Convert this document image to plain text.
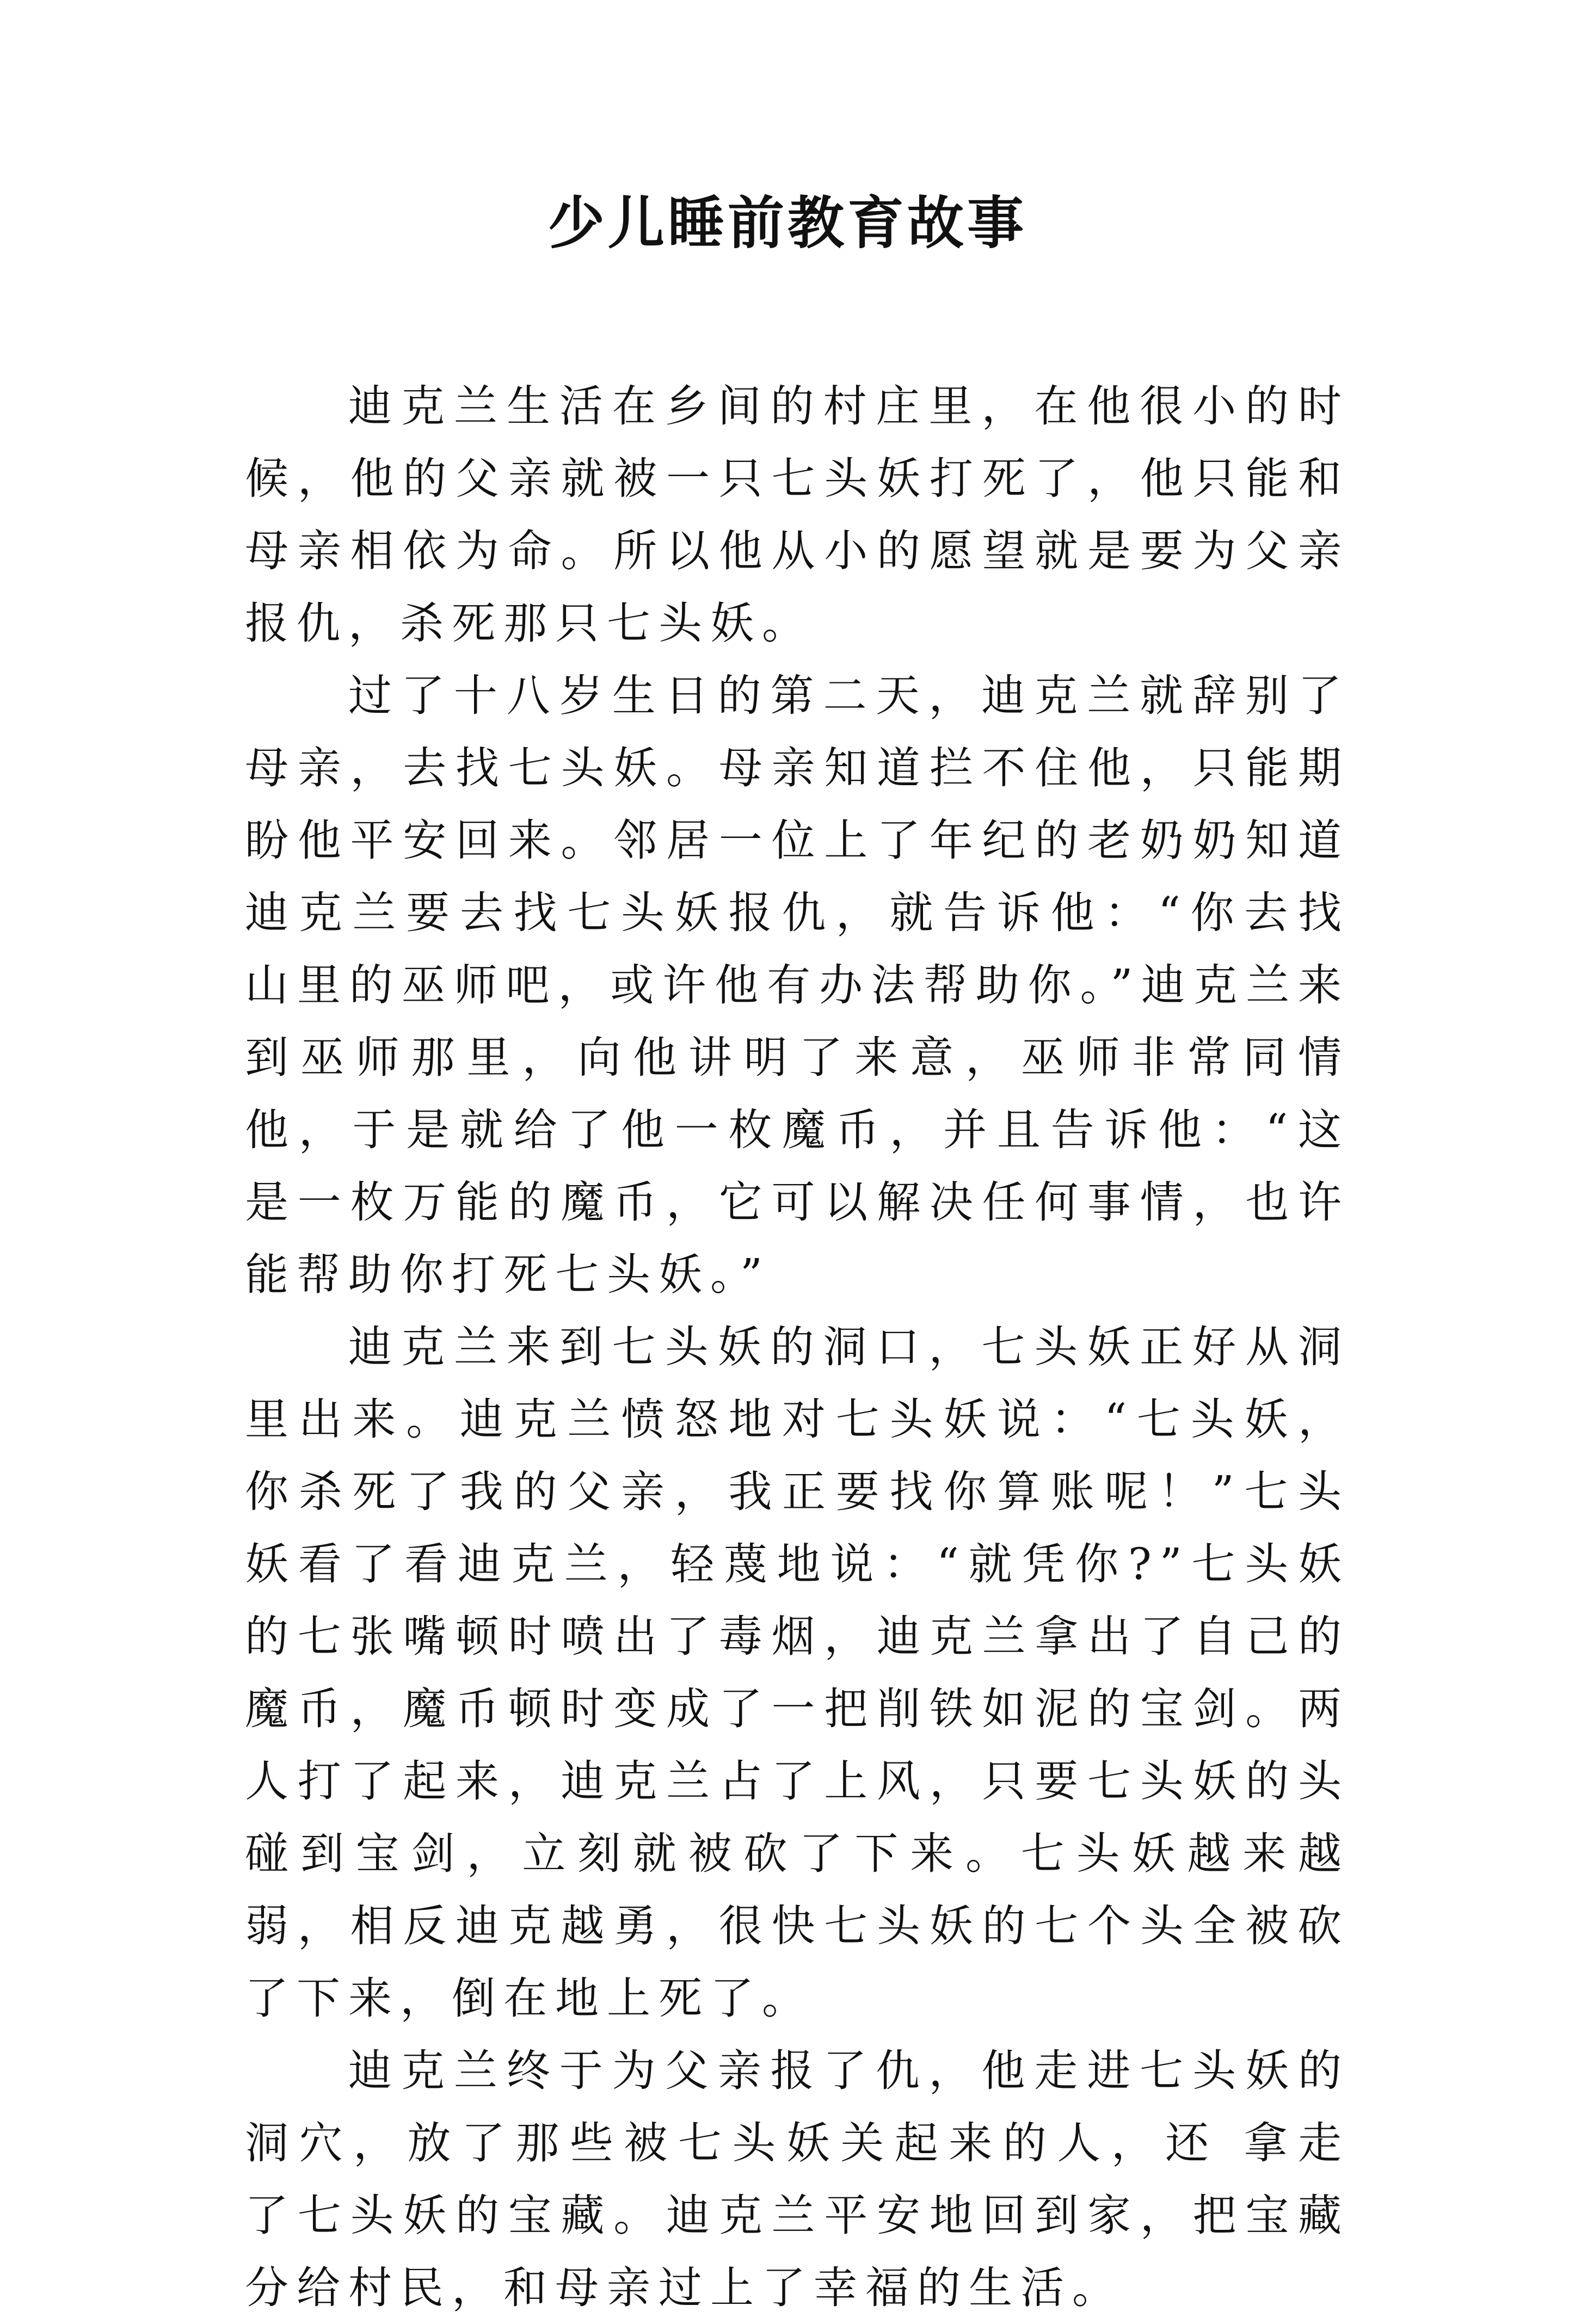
少儿睡前教育故事

迪克兰生活在乡间的村庄里，在他很小的时候，他的父亲就被一只七头妖打死了，他只能和母亲相依为命。所以他从小的愿望就是要为父亲报仇，杀死那只七头妖。

过了十八岁生日的第二天，迪克兰就辞别了母亲，去找七头妖。母亲知道拦不住他，只能期盼他平安回来。邻居一位上了年纪的老奶奶知道迪克兰要去找七头妖报仇，就告诉他：“你去找山里的巫师吧，或许他有办法帮助你。”迪克兰来到巫师那里，向他讲明了来意，巫师非常同情他，于是就给了他一枚魔币，并且告诉他：“这是一枚万能的魔币，它可以解决任何事情，也许能帮助你打死七头妖。”

迪克兰来到七头妖的洞口，七头妖正好从洞里出来。迪克兰愤怒地对七头妖说：“七头妖，你杀死了我的父亲，我正要找你算账呢！”七头妖看了看迪克兰，轻蔑地说：“就凭你?”七头妖的七张嘴顿时喷出了毒烟，迪克兰拿出了自己的魔币，魔币顿时变成了一把削铁如泥的宝剑。两人打了起来，迪克兰占了上风，只要七头妖的头碰到宝剑，立刻就被砍了下来。七头妖越来越弱，相反迪克越勇，很快七头妖的七个头全被砍了下来，倒在地上死了。

迪克兰终于为父亲报了仇，他走进七头妖的洞穴，放了那些被七头妖关起来的人，还 拿走了七头妖的宝藏。迪克兰平安地回到家，把宝藏分给村民，和母亲过上了幸福的生活。
